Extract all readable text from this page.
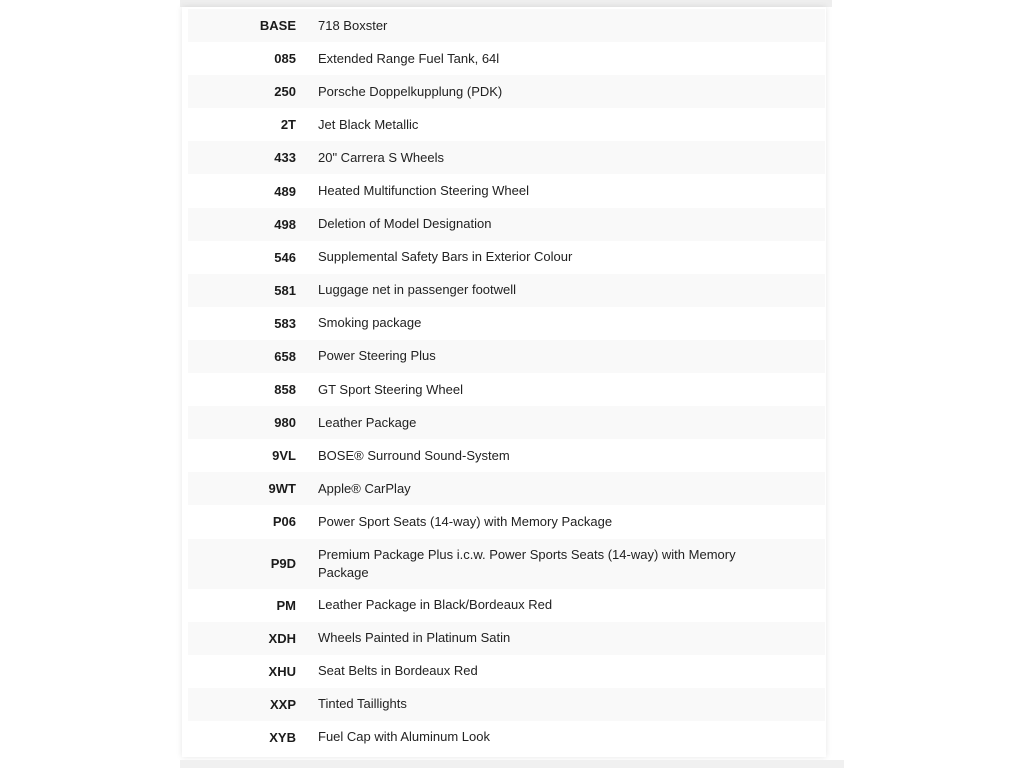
BASE	718 Boxster
085	Extended Range Fuel Tank, 64l
250	Porsche Doppelkupplung (PDK)
2T	Jet Black Metallic
433	20" Carrera S Wheels
489	Heated Multifunction Steering Wheel
498	Deletion of Model Designation
546	Supplemental Safety Bars in Exterior Colour
581	Luggage net in passenger footwell
583	Smoking package
658	Power Steering Plus
858	GT Sport Steering Wheel
980	Leather Package
9VL	BOSE® Surround Sound-System
9WT	Apple® CarPlay
P06	Power Sport Seats (14-way) with Memory Package
P9D	Premium Package Plus i.c.w. Power Sports Seats (14-way) with Memory Package
PM	Leather Package in Black/Bordeaux Red
XDH	Wheels Painted in Platinum Satin
XHU	Seat Belts in Bordeaux Red
XXP	Tinted Taillights
XYB	Fuel Cap with Aluminum Look
